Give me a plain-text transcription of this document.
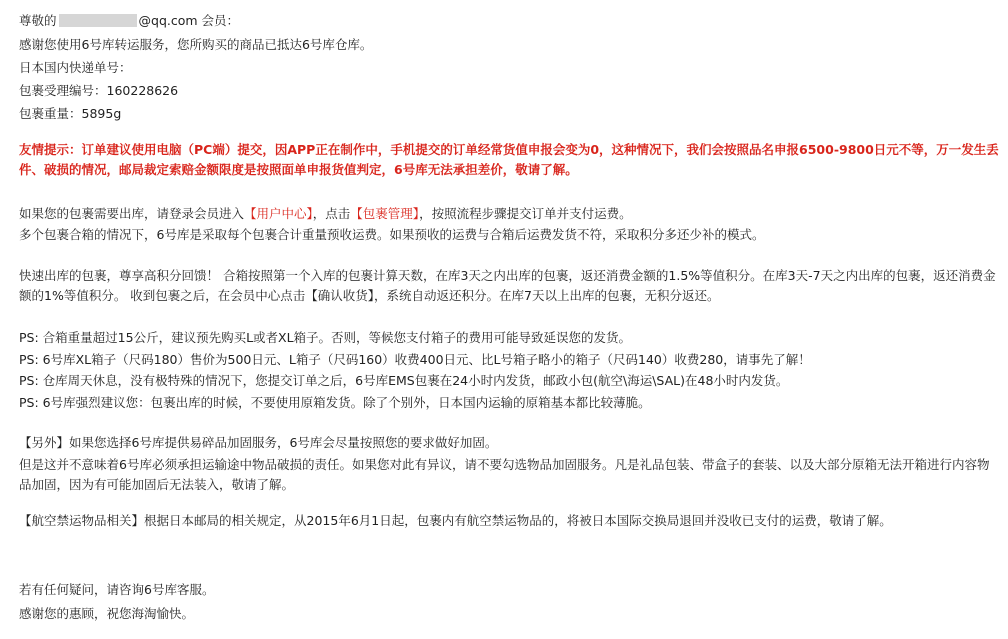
尊敬的	@qq.com 会员：
感谢您使用6号库转运服务，您所购买的商品已抵达6号库仓库。
日本国内快递单号：
包裹受理编号：160228626
包裹重量：5895g
友情提示：订单建议使用电脑（PC端）提交，因APP正在制作中，手机提交的订单经常货值申报会变为0，这种情况下，我们会按照品名申报6500-9800日元不等，万一发生丢件、破损的情况，邮局裁定索赔金额限度是按照面单申报货值判定，6号库无法承担差价，敬请了解。
如果您的包裹需要出库，请登录会员进入【用户中心】，点击【包裹管理】，按照流程步骤提交订单并支付运费。
多个包裹合箱的情况下，6号库是采取每个包裹合计重量预收运费。如果预收的运费与合箱后运费发货不符，采取积分多还少补的模式。
快速出库的包裹，尊享高积分回馈！ 合箱按照第一个入库的包裹计算天数，在库3天之内出库的包裹，返还消费金额的1.5%等值积分。在库3天-7天之内出库的包裹，返还消费金额的1%等值积分。 收到包裹之后，在会员中心点击【确认收货】，系统自动返还积分。在库7天以上出库的包裹，无积分返还。
PS: 合箱重量超过15公斤，建议预先购买L或者XL箱子。否则，等候您支付箱子的费用可能导致延误您的发货。
PS: 6号库XL箱子（尺码180）售价为500日元、L箱子（尺码160）收费400日元、比L号箱子略小的箱子（尺码140）收费280，请事先了解！
PS: 仓库周天休息，没有极特殊的情况下，您提交订单之后，6号库EMS包裹在24小时内发货，邮政小包(航空\海运\SAL)在48小时内发货。
PS: 6号库强烈建议您：包裹出库的时候，不要使用原箱发货。除了个别外，日本国内运输的原箱基本都比较薄脆。
【另外】如果您选择6号库提供易碎品加固服务，6号库会尽量按照您的要求做好加固。
但是这并不意味着6号库必须承担运输途中物品破损的责任。如果您对此有异议，请不要勾选物品加固服务。凡是礼品包装、带盒子的套装、以及大部分原箱无法开箱进行内容物品加固，因为有可能加固后无法装入，敬请了解。
【航空禁运物品相关】根据日本邮局的相关规定，从2015年6月1日起，包裹内有航空禁运物品的，将被日本国际交换局退回并没收已支付的运费，敬请了解。
若有任何疑问，请咨询6号库客服。
感谢您的惠顾，祝您海淘愉快。
